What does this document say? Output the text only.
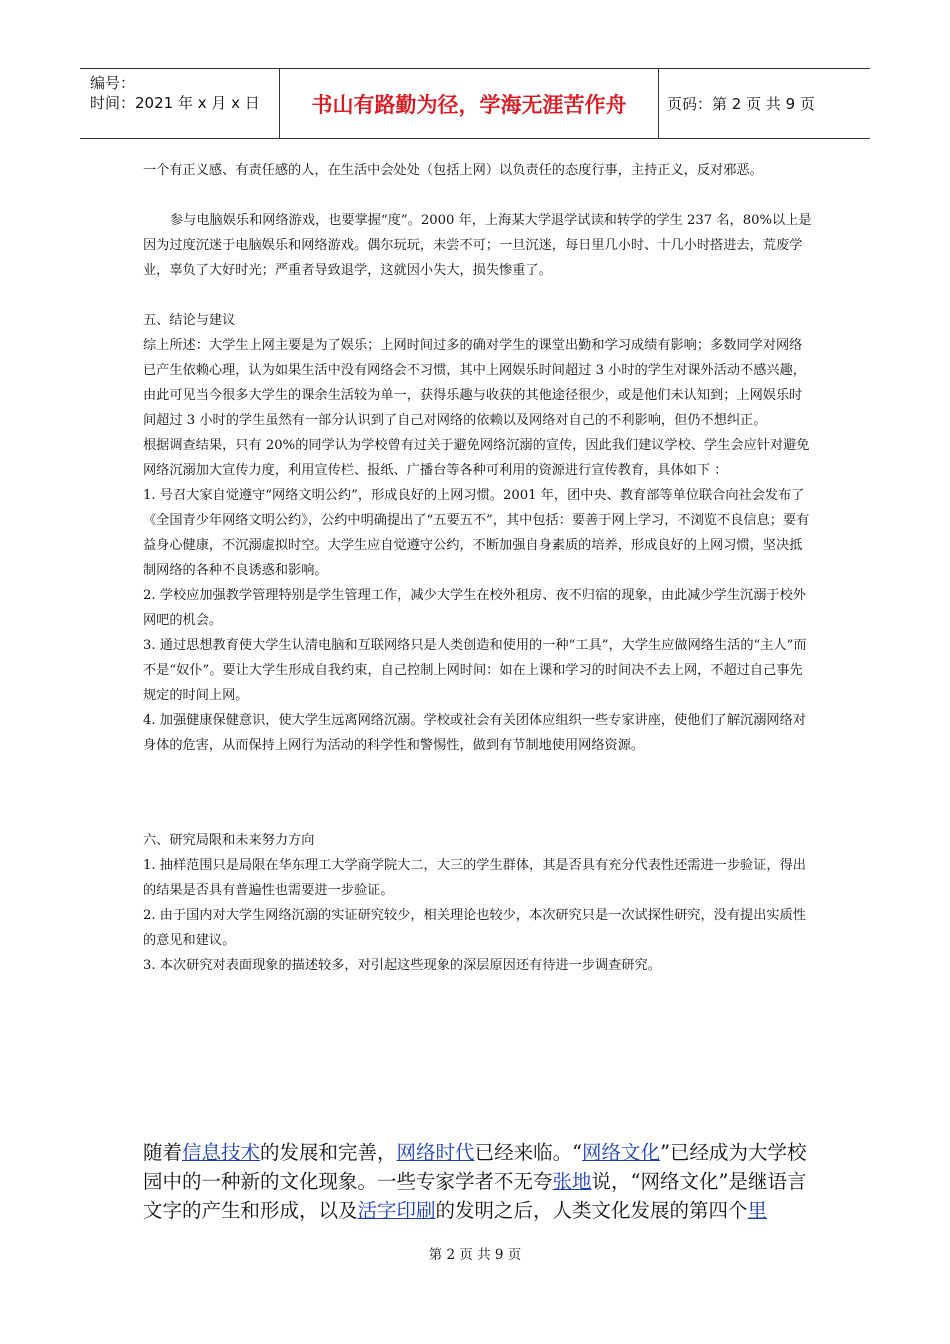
编号：
时间：2021 年 x 月 x 日	书山有路勤为径，学海无涯苦作舟	页码：第 2 页 共 9 页

一个有正义感、有责任感的人，在生活中会处处（包括上网）以负责任的态度行事，主持正义，反对邪恶。

参与电脑娱乐和网络游戏，也要掌握“度”。2000 年，上海某大学退学试读和转学的学生 237 名，80%以上是因为过度沉迷于电脑娱乐和网络游戏。偶尔玩玩，未尝不可；一旦沉迷，每日里几小时、十几小时搭进去，荒废学业，辜负了大好时光；严重者导致退学，这就因小失大，损失惨重了。

五、结论与建议

综上所述：大学生上网主要是为了娱乐；上网时间过多的确对学生的课堂出勤和学习成绩有影响；多数同学对网络已产生依赖心理，认为如果生活中没有网络会不习惯，其中上网娱乐时间超过 3 小时的学生对课外活动不感兴趣，由此可见当今很多大学生的课余生活较为单一，获得乐趣与收获的其他途径很少，或是他们未认知到；上网娱乐时间超过 3 小时的学生虽然有一部分认识到了自己对网络的依赖以及网络对自己的不利影响，但仍不想纠正。

根据调查结果，只有 20%的同学认为学校曾有过关于避免网络沉溺的宣传，因此我们建议学校、学生会应针对避免网络沉溺加大宣传力度，利用宣传栏、报纸、广播台等各种可利用的资源进行宣传教育，具体如下 ：

1. 号召大家自觉遵守“网络文明公约”，形成良好的上网习惯。2001 年，团中央、教育部等单位联合向社会发布了《全国青少年网络文明公约》，公约中明确提出了“五要五不”，其中包括：要善于网上学习，不浏览不良信息；要有益身心健康，不沉溺虚拟时空。大学生应自觉遵守公约，不断加强自身素质的培养，形成良好的上网习惯，坚决抵制网络的各种不良诱惑和影响。

2. 学校应加强教学管理特别是学生管理工作，减少大学生在校外租房、夜不归宿的现象，由此减少学生沉溺于校外网吧的机会。

3. 通过思想教育使大学生认清电脑和互联网络只是人类创造和使用的一种“工具”，大学生应做网络生活的“主人”而不是“奴仆”。要让大学生形成自我约束，自己控制上网时间：如在上课和学习的时间决不去上网，不超过自己事先规定的时间上网。

4. 加强健康保健意识，使大学生远离网络沉溺。学校或社会有关团体应组织一些专家讲座，使他们了解沉溺网络对身体的危害，从而保持上网行为活动的科学性和警惕性，做到有节制地使用网络资源。

六、研究局限和未来努力方向

1. 抽样范围只是局限在华东理工大学商学院大二，大三的学生群体，其是否具有充分代表性还需进一步验证，得出的结果是否具有普遍性也需要进一步验证。

2. 由于国内对大学生网络沉溺的实证研究较少，相关理论也较少，本次研究只是一次试探性研究，没有提出实质性的意见和建议。

3. 本次研究对表面现象的描述较多，对引起这些现象的深层原因还有待进一步调查研究。

随着信息技术的发展和完善，网络时代已经来临。“网络文化”已经成为大学校园中的一种新的文化现象。一些专家学者不无夸张地说，“网络文化”是继语言文字的产生和形成，以及活字印刷的发明之后，人类文化发展的第四个里
第 2 页 共 9 页
